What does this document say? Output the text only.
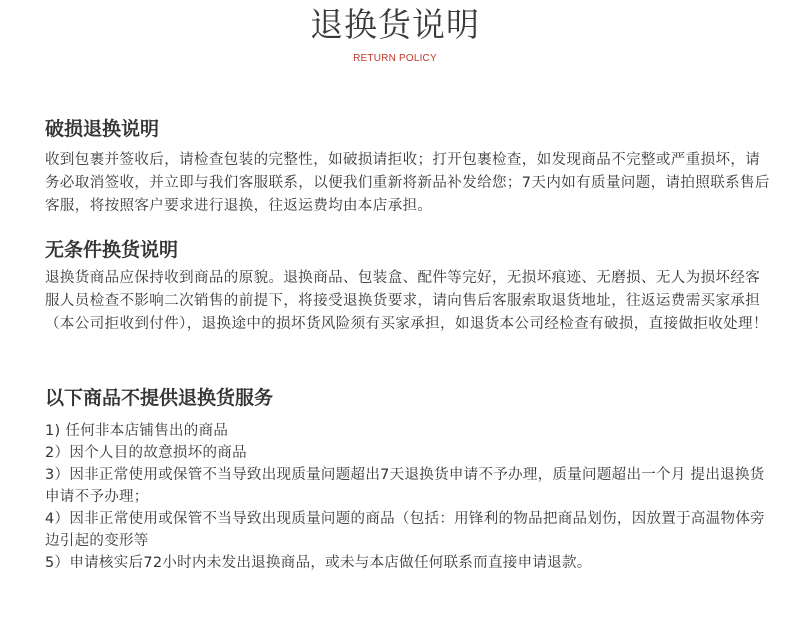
退换货说明
RETURN POLICY
破损退换说明

收到包裹并签收后，请检查包装的完整性，如破损请拒收；打开包裹检查，如发现商品不完整或严重损坏，请务必取消签收，并立即与我们客服联系，以便我们重新将新品补发给您；7天内如有质量问题，请拍照联系售后客服，将按照客户要求进行退换，往返运费均由本店承担。

无条件换货说明

退换货商品应保持收到商品的原貌。退换商品、包装盒、配件等完好，无损坏痕迹、无磨损、无人为损坏经客服人员检查不影响二次销售的前提下，将接受退换货要求，请向售后客服索取退货地址，往返运费需买家承担（本公司拒收到付件），退换途中的损坏货风险须有买家承担，如退货本公司经检查有破损，直接做拒收处理！

以下商品不提供退换货服务
1) 任何非本店铺售出的商品
2）因个人目的故意损坏的商品
3）因非正常使用或保管不当导致出现质量问题超出7天退换货申请不予办理，质量问题超出一个月 提出退换货申请不予办理；
4）因非正常使用或保管不当导致出现质量问题的商品（包括：用锋利的物品把商品划伤，因放置于高温物体旁边引起的变形等
5）申请核实后72小时内未发出退换商品，或未与本店做任何联系而直接申请退款。
